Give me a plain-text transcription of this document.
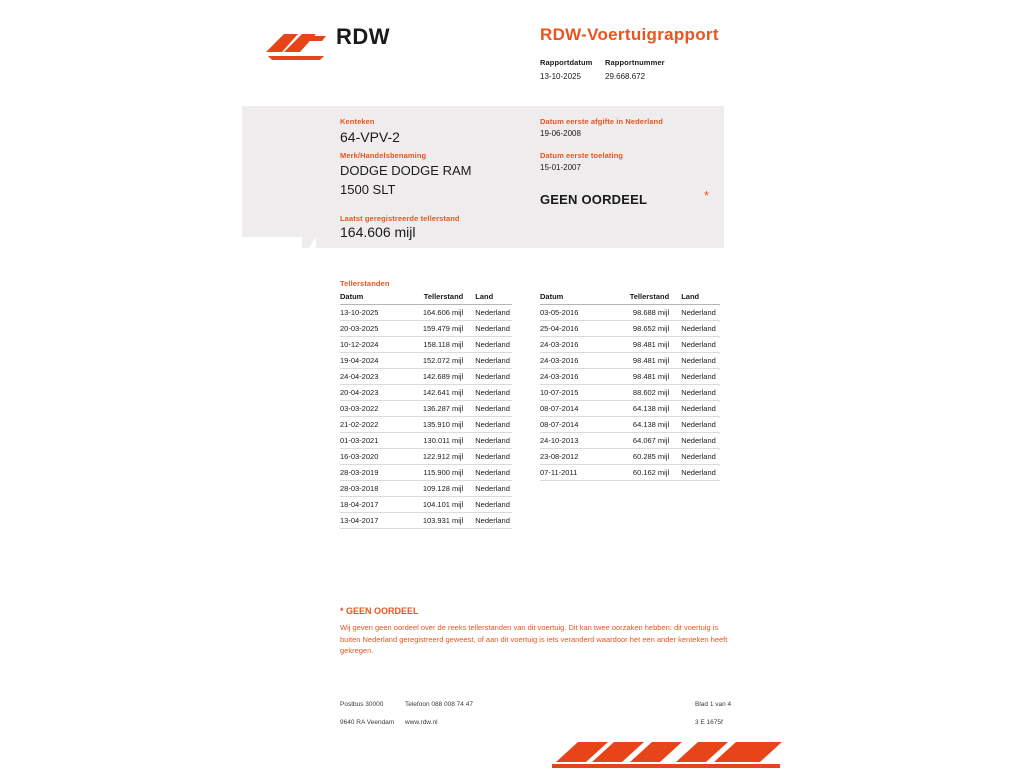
RDW	RDW-Voertuigrapport
Rapportdatum
13-10-2025
Rapportnummer
29.668.672
Kenteken
64-VPV-2
Merk/Handelsbenaming
DODGE DODGE RAM
1500 SLT
Laatst geregistreerde tellerstand
164.606 mijl
Datum eerste afgifte in Nederland
19-06-2008
Datum eerste toelating
15-01-2007
GEEN OORDEEL	*
Tellerstanden
Datum	Tellerstand	Land
13-10-2025	164.606 mijl	Nederland
20-03-2025	159.479 mijl	Nederland
10-12-2024	158.118 mijl	Nederland
19-04-2024	152.072 mijl	Nederland
24-04-2023	142.689 mijl	Nederland
20-04-2023	142.641 mijl	Nederland
03-03-2022	136.287 mijl	Nederland
21-02-2022	135.910 mijl	Nederland
01-03-2021	130.011 mijl	Nederland
16-03-2020	122.912 mijl	Nederland
28-03-2019	115.900 mijl	Nederland
28-03-2018	109.128 mijl	Nederland
18-04-2017	104.101 mijl	Nederland
13-04-2017	103.931 mijl	Nederland
Datum	Tellerstand	Land
03-05-2016	98.688 mijl	Nederland
25-04-2016	98.652 mijl	Nederland
24-03-2016	98.481 mijl	Nederland
24-03-2016	98.481 mijl	Nederland
24-03-2016	98.481 mijl	Nederland
10-07-2015	88.602 mijl	Nederland
08-07-2014	64.138 mijl	Nederland
08-07-2014	64.138 mijl	Nederland
24-10-2013	64.067 mijl	Nederland
23-08-2012	60.285 mijl	Nederland
07-11-2011	60.162 mijl	Nederland
* GEEN OORDEEL
Wij geven geen oordeel over de reeks tellerstanden van dit voertuig. Dit kan twee oorzaken hebben: dit voertuig is buiten Nederland geregistreerd geweest, of aan dit voertuig is iets veranderd waardoor het een ander kenteken heeft gekregen.
Postbus 30000
9640 RA Veendam
Telefoon 088 008 74 47
www.rdw.nl
Blad 1 van 4
3 E 1675f
